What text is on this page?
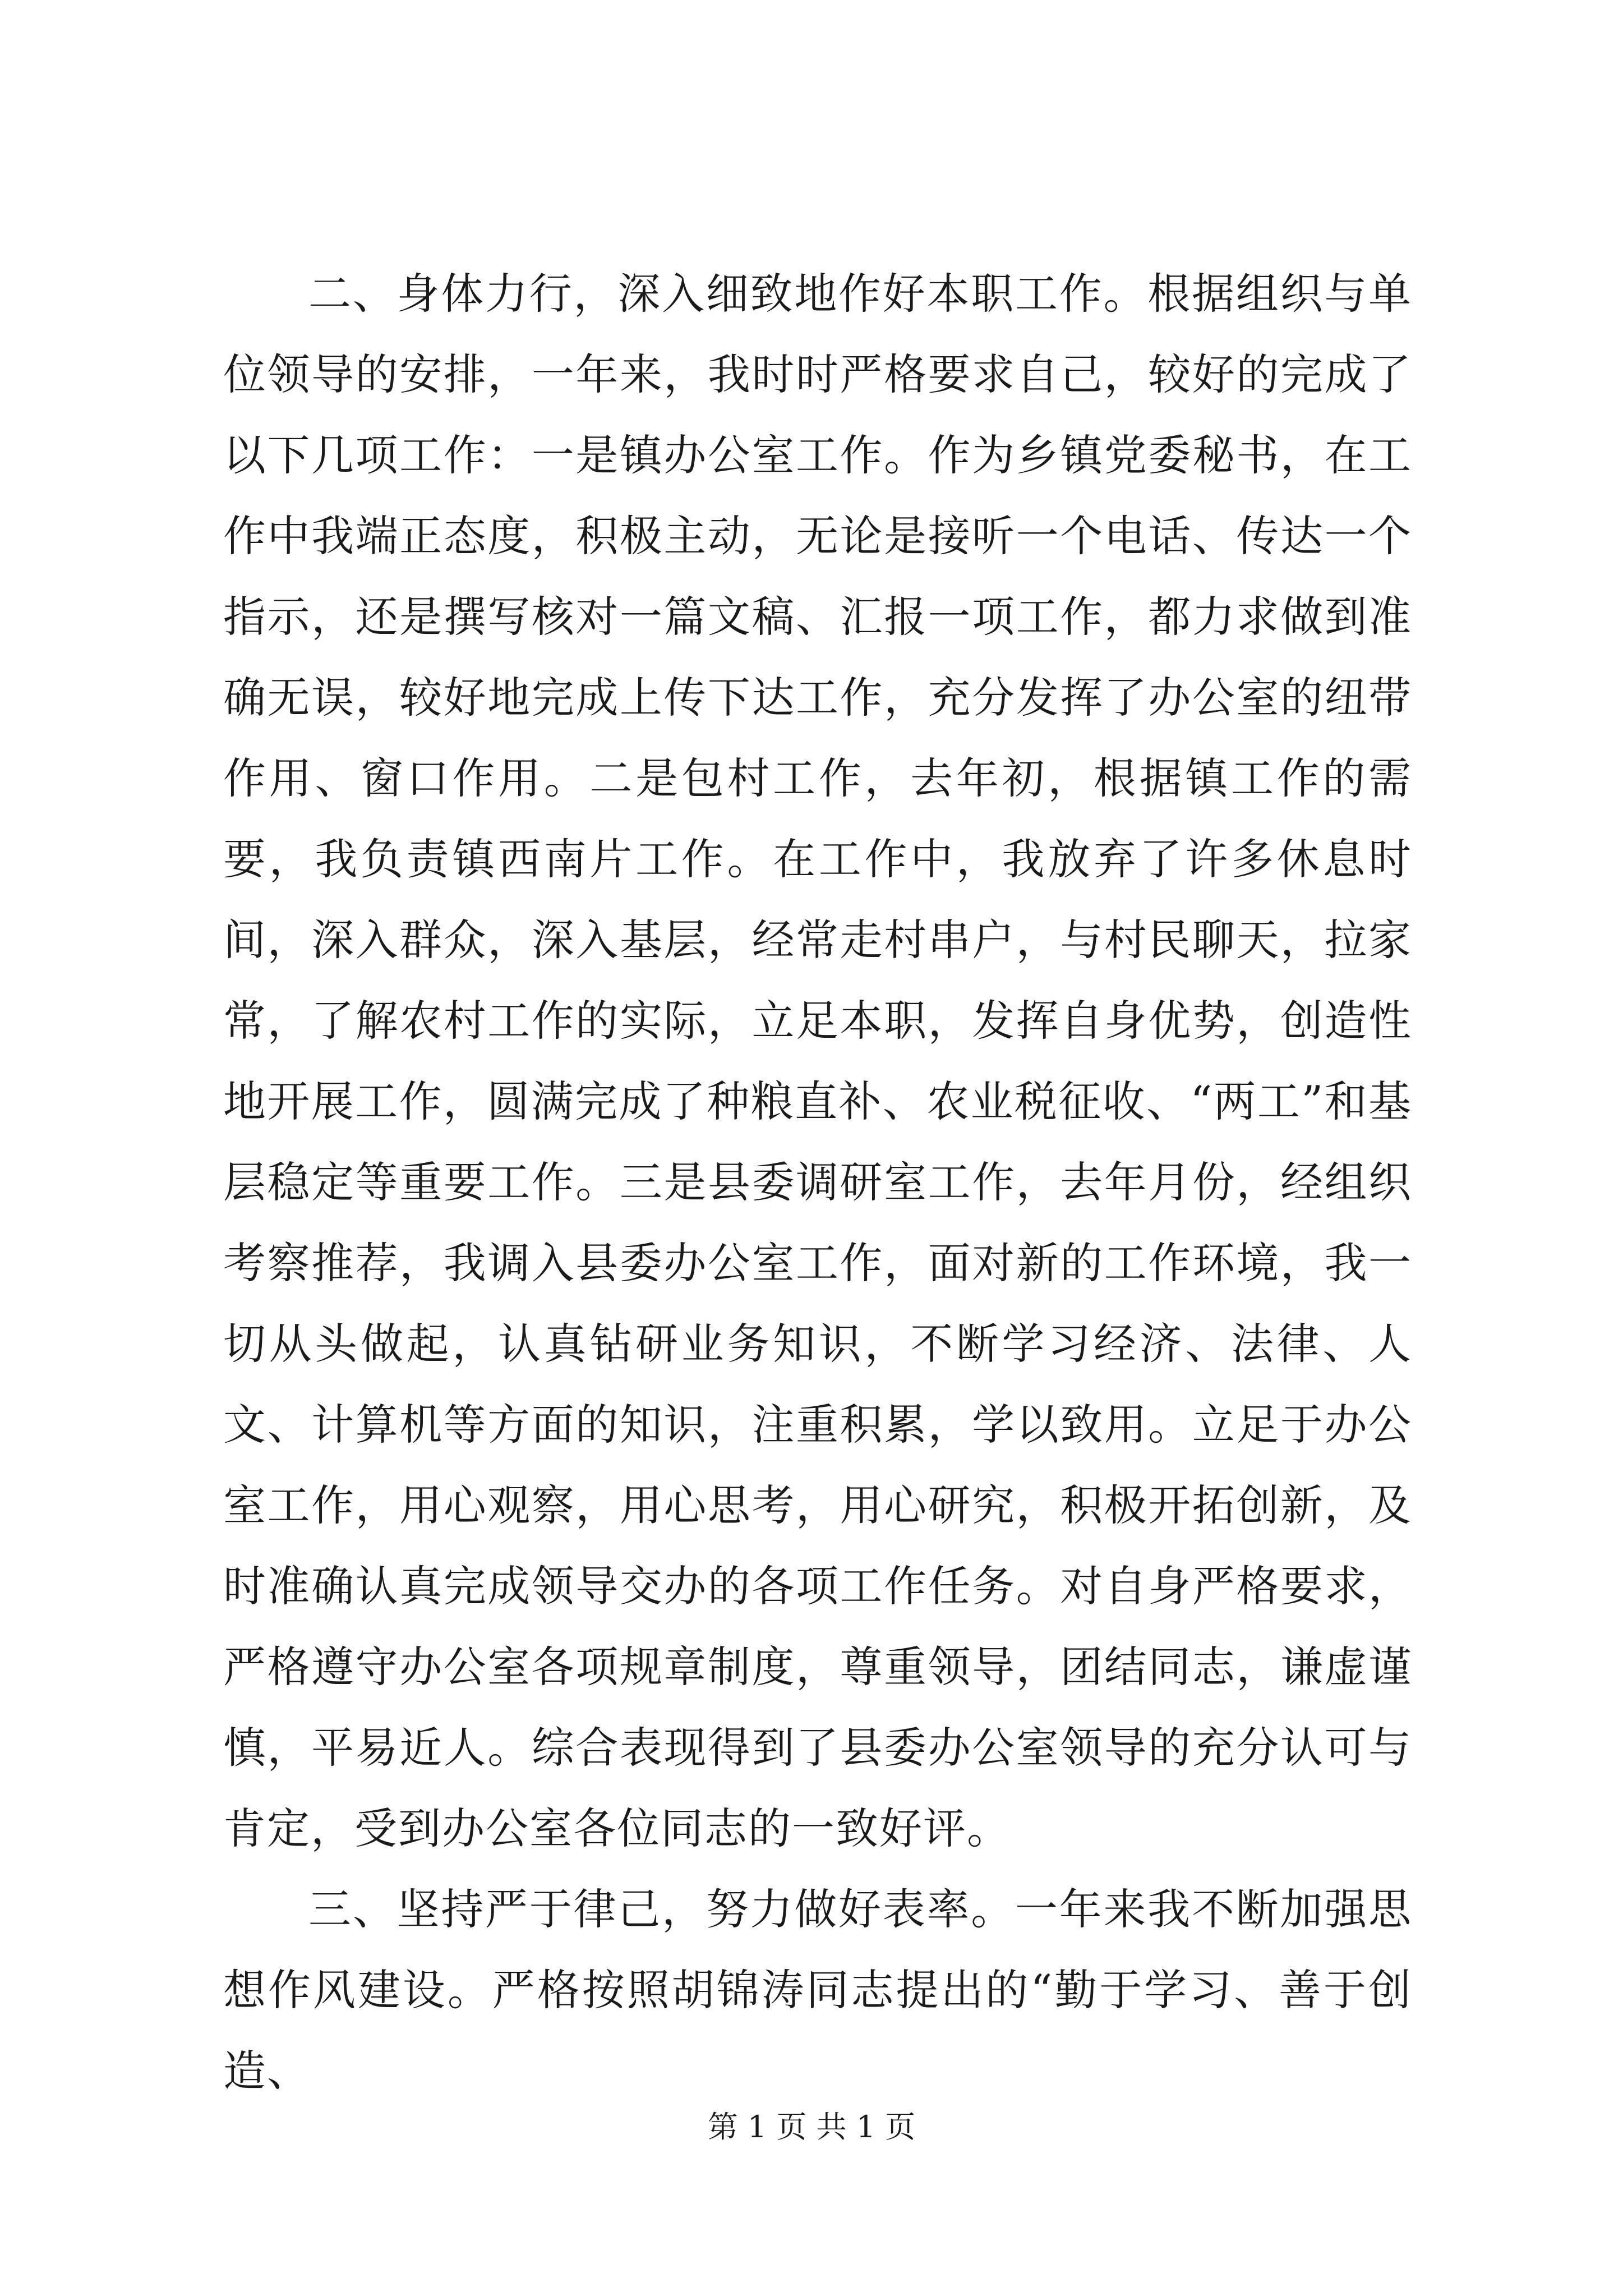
二、身体力行，深入细致地作好本职工作。根据组织与单位领导的安排，一年来，我时时严格要求自己，较好的完成了以下几项工作：一是镇办公室工作。作为乡镇党委秘书，在工作中我端正态度，积极主动，无论是接听一个电话、传达一个指示，还是撰写核对一篇文稿、汇报一项工作，都力求做到准确无误，较好地完成上传下达工作，充分发挥了办公室的纽带作用、窗口作用。二是包村工作，去年初，根据镇工作的需要，我负责镇西南片工作。在工作中，我放弃了许多休息时间，深入群众，深入基层，经常走村串户，与村民聊天，拉家常，了解农村工作的实际，立足本职，发挥自身优势，创造性地开展工作，圆满完成了种粮直补、农业税征收、“两工”和基层稳定等重要工作。三是县委调研室工作，去年月份，经组织考察推荐，我调入县委办公室工作，面对新的工作环境，我一切从头做起，认真钻研业务知识，不断学习经济、法律、人文、计算机等方面的知识，注重积累，学以致用。立足于办公室工作，用心观察，用心思考，用心研究，积极开拓创新，及时准确认真完成领导交办的各项工作任务。对自身严格要求，严格遵守办公室各项规章制度，尊重领导，团结同志，谦虚谨慎，平易近人。综合表现得到了县委办公室领导的充分认可与肯定，受到办公室各位同志的一致好评。

三、坚持严于律己，努力做好表率。一年来我不断加强思想作风建设。严格按照胡锦涛同志提出的“勤于学习、善于创造、

第 1 页 共 1 页
